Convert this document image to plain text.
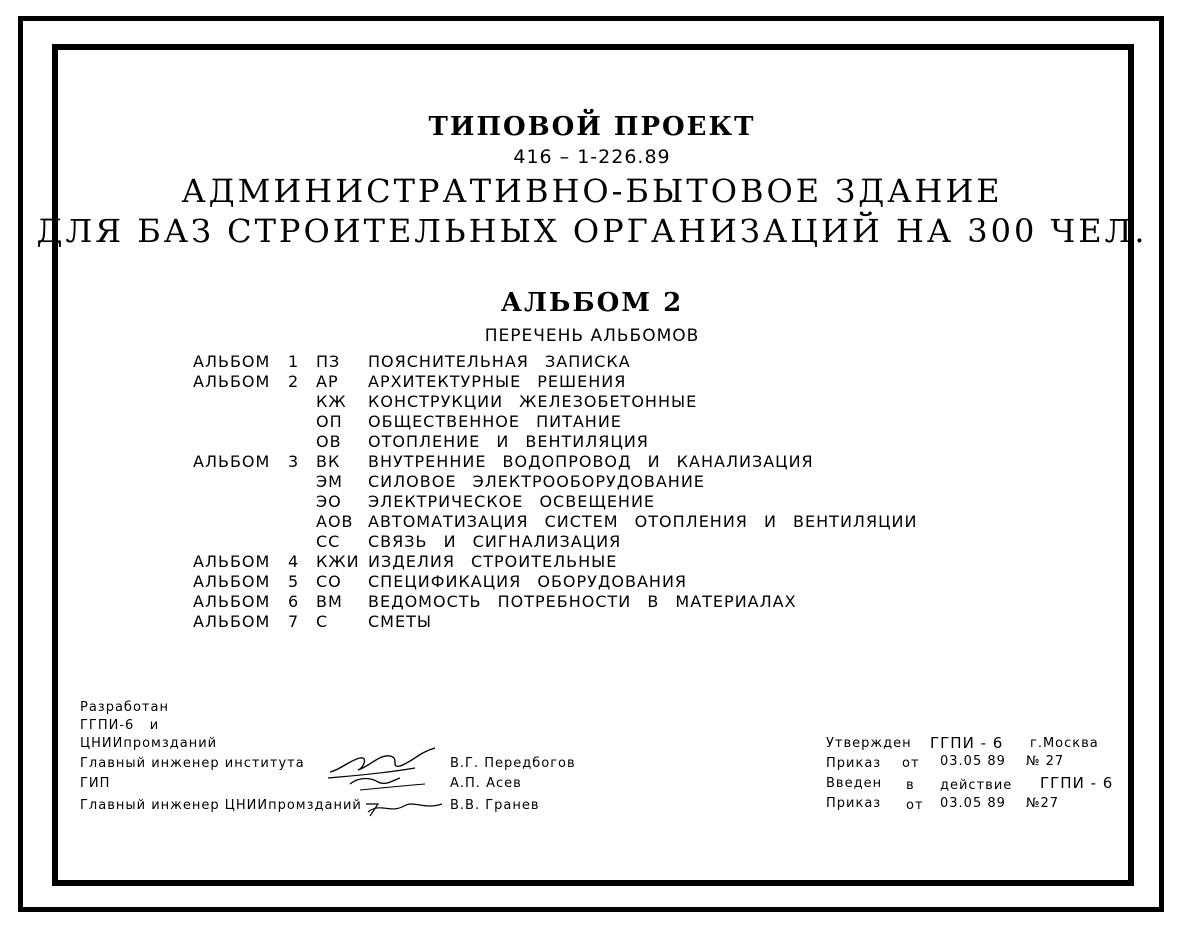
ТИПОВОЙ ПРОЕКТ
416 – 1-226.89
АДМИНИСТРАТИВНО-БЫТОВОЕ ЗДАНИЕ
ДЛЯ БАЗ СТРОИТЕЛЬНЫХ ОРГАНИЗАЦИЙ НА 300 ЧЕЛ.
АЛЬБОМ 2
ПЕРЕЧЕНЬ АЛЬБОМОВ
АЛЬБОМ 1 ПЗ ПОЯСНИТЕЛЬНАЯ ЗАПИСКА
АЛЬБОМ 2 АР АРХИТЕКТУРНЫЕ РЕШЕНИЯ
КЖ КОНСТРУКЦИИ ЖЕЛЕЗОБЕТОННЫЕ
ОП ОБЩЕСТВЕННОЕ ПИТАНИЕ
ОВ ОТОПЛЕНИЕ И ВЕНТИЛЯЦИЯ
АЛЬБОМ 3 ВК ВНУТРЕННИЕ ВОДОПРОВОД И КАНАЛИЗАЦИЯ
ЭМ СИЛОВОЕ ЭЛЕКТРООБОРУДОВАНИЕ
ЭО ЭЛЕКТРИЧЕСКОЕ ОСВЕЩЕНИЕ
АОВ АВТОМАТИЗАЦИЯ СИСТЕМ ОТОПЛЕНИЯ И ВЕНТИЛЯЦИИ
СС СВЯЗЬ И СИГНАЛИЗАЦИЯ
АЛЬБОМ 4 КЖИ ИЗДЕЛИЯ СТРОИТЕЛЬНЫЕ
АЛЬБОМ 5 СО СПЕЦИФИКАЦИЯ ОБОРУДОВАНИЯ
АЛЬБОМ 6 ВМ ВЕДОМОСТЬ ПОТРЕБНОСТИ В МАТЕРИАЛАХ
АЛЬБОМ 7 С СМЕТЫ
Разработан
ГГПИ-6   и
ЦНИИпромзданий
Главный инженер института	В.Г. Передбогов
ГИП	А.П. Асев
Главный инженер ЦНИИпромзданий	В.В. Гранев
Утвержден ГГПИ - 6 г.Москва
Приказ от 03.05 89 № 27
Введен в действие ГГПИ - 6
Приказ от 03.05 89 №27
